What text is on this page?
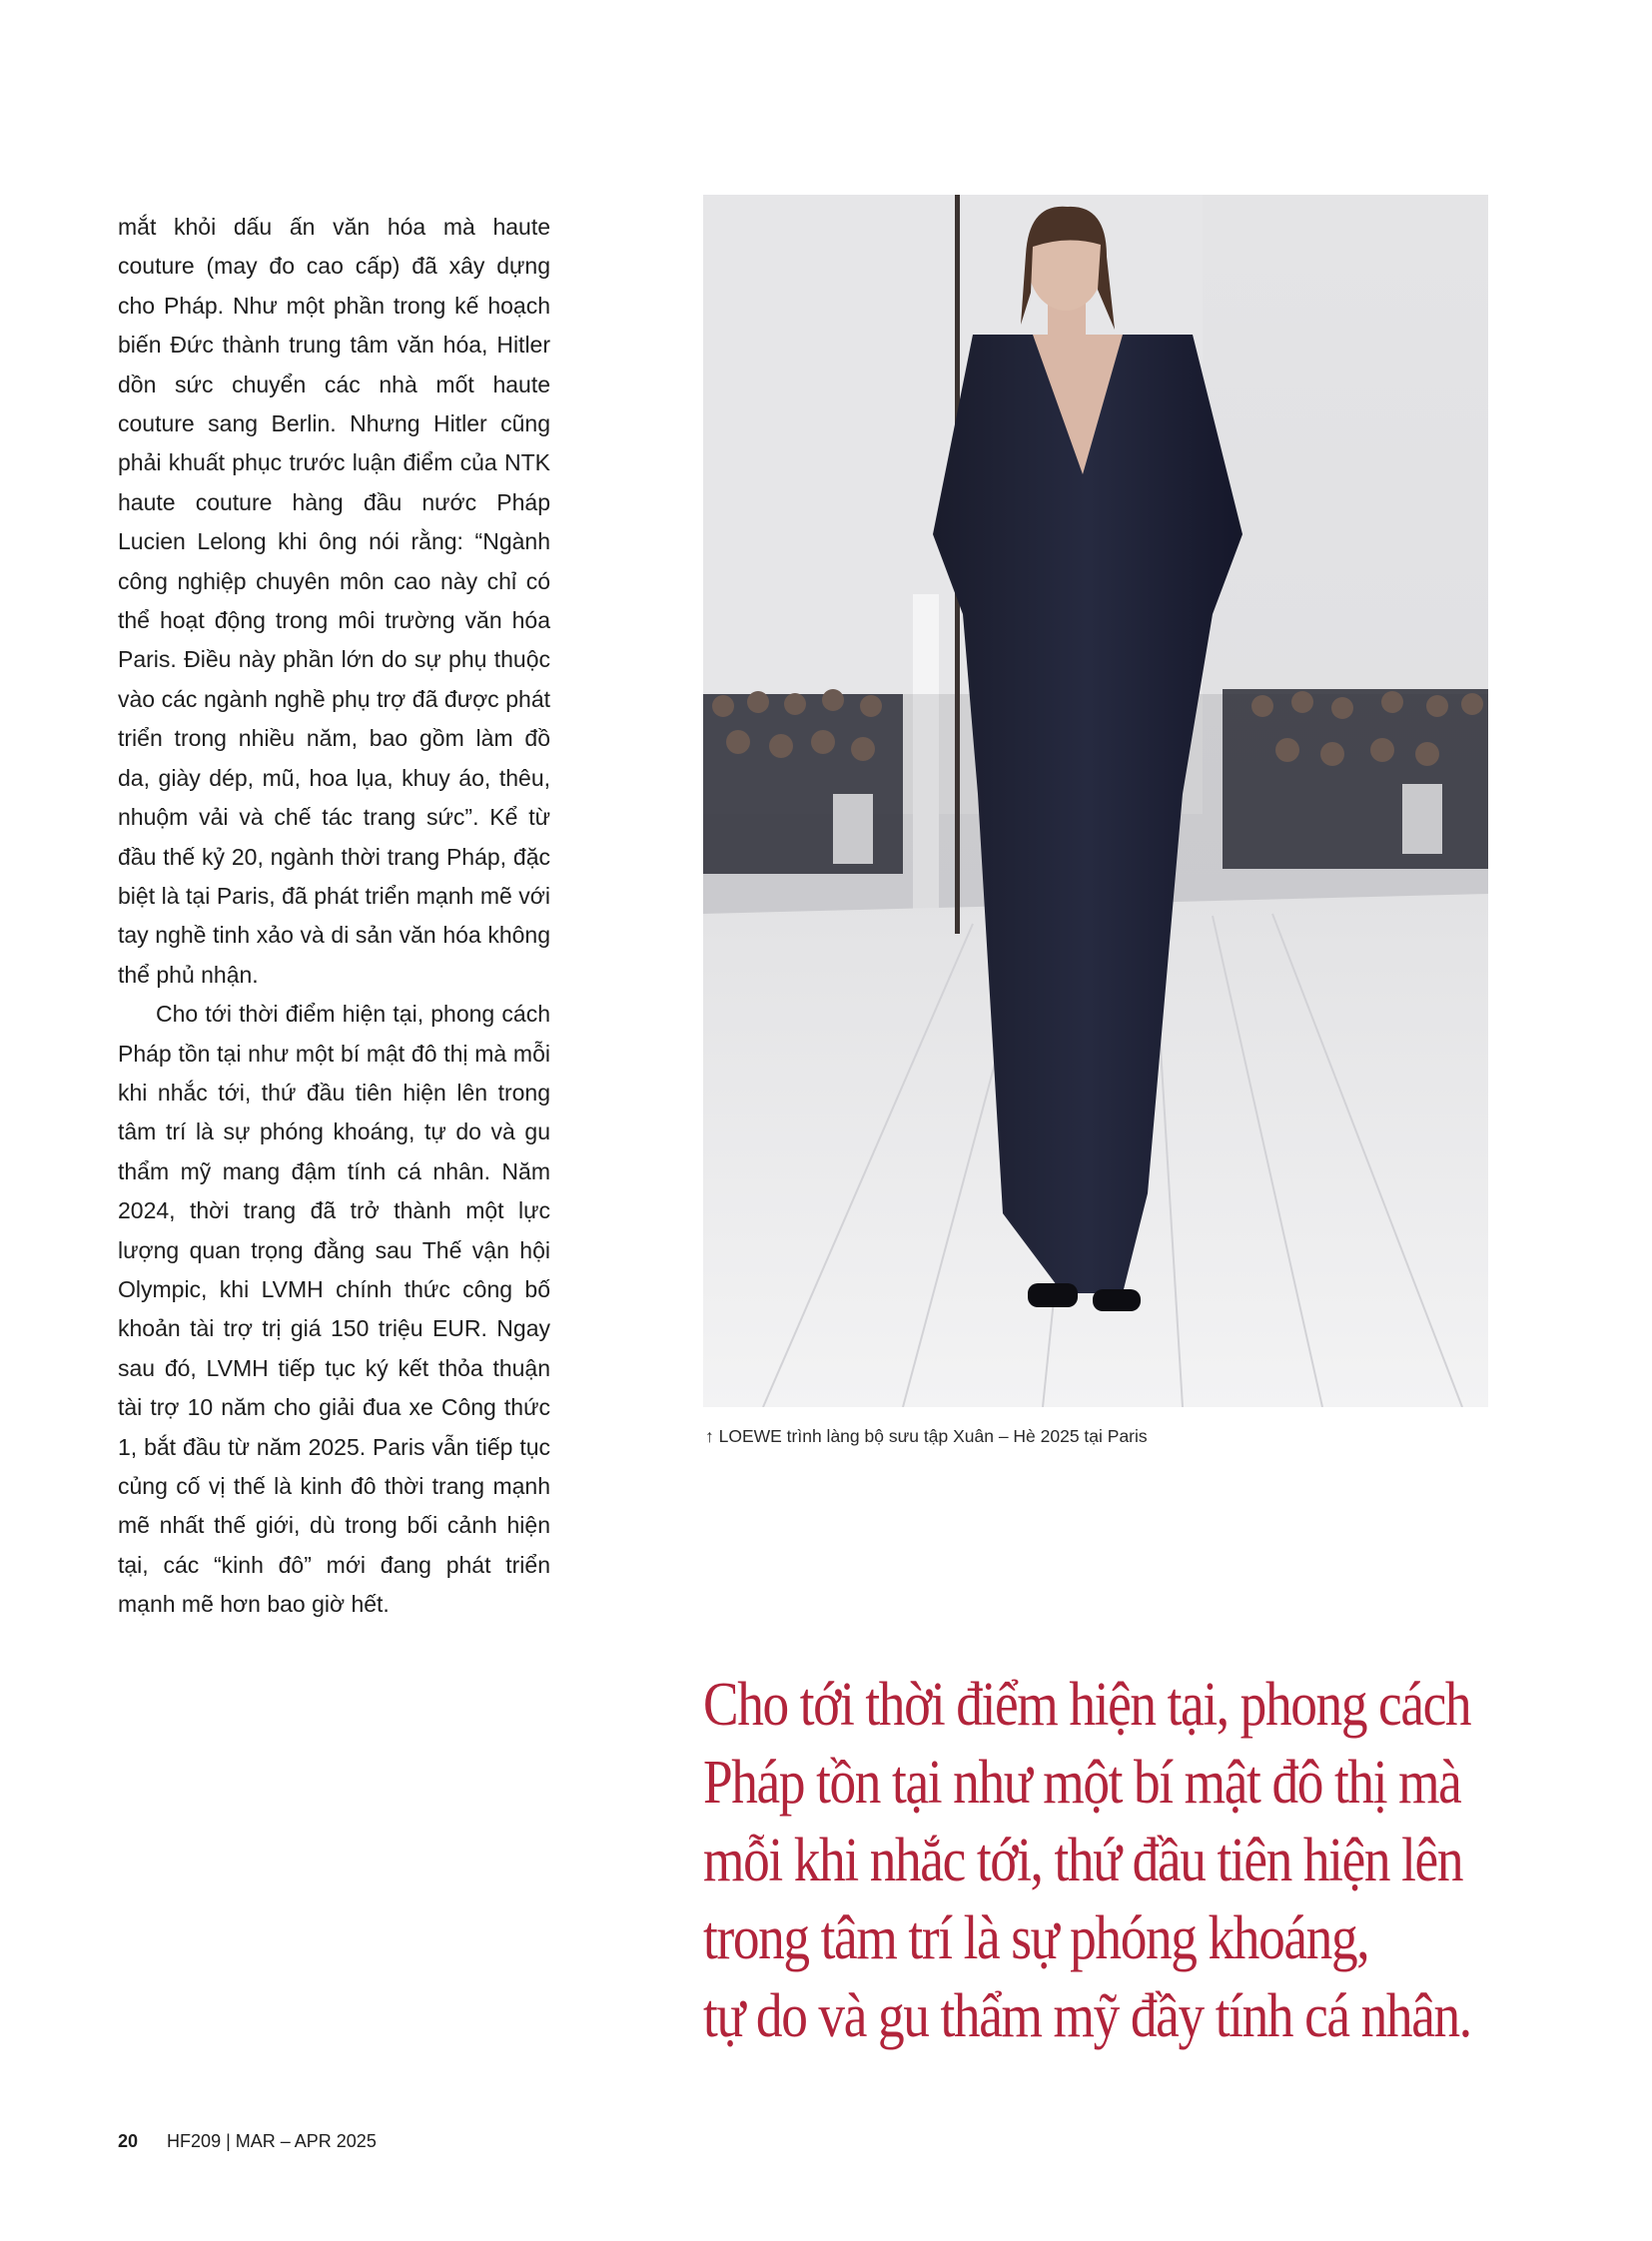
mắt khỏi dấu ấn văn hóa mà haute couture (may đo cao cấp) đã xây dựng cho Pháp. Như một phần trong kế hoạch biến Đức thành trung tâm văn hóa, Hitler dồn sức chuyển các nhà mốt haute couture sang Berlin. Nhưng Hitler cũng phải khuất phục trước luận điểm của NTK haute couture hàng đầu nước Pháp Lucien Lelong khi ông nói rằng: “Ngành công nghiệp chuyên môn cao này chỉ có thể hoạt động trong môi trường văn hóa Paris. Điều này phần lớn do sự phụ thuộc vào các ngành nghề phụ trợ đã được phát triển trong nhiều năm, bao gồm làm đồ da, giày dép, mũ, hoa lụa, khuy áo, thêu, nhuộm vải và chế tác trang sức”. Kể từ đầu thế kỷ 20, ngành thời trang Pháp, đặc biệt là tại Paris, đã phát triển mạnh mẽ với tay nghề tinh xảo và di sản văn hóa không thể phủ nhận.

Cho tới thời điểm hiện tại, phong cách Pháp tồn tại như một bí mật đô thị mà mỗi khi nhắc tới, thứ đầu tiên hiện lên trong tâm trí là sự phóng khoáng, tự do và gu thẩm mỹ mang đậm tính cá nhân. Năm 2024, thời trang đã trở thành một lực lượng quan trọng đằng sau Thế vận hội Olympic, khi LVMH chính thức công bố khoản tài trợ trị giá 150 triệu EUR. Ngay sau đó, LVMH tiếp tục ký kết thỏa thuận tài trợ 10 năm cho giải đua xe Công thức 1, bắt đầu từ năm 2025. Paris vẫn tiếp tục củng cố vị thế là kinh đô thời trang mạnh mẽ nhất thế giới, dù trong bối cảnh hiện tại, các “kinh đô” mới đang phát triển mạnh mẽ hơn bao giờ hết.

↑ LOEWE trình làng bộ sưu tập Xuân – Hè 2025 tại Paris
Cho tới thời điểm hiện tại, phong cách
Pháp tồn tại như một bí mật đô thị mà
mỗi khi nhắc tới, thứ đầu tiên hiện lên
trong tâm trí là sự phóng khoáng,
tự do và gu thẩm mỹ đầy tính cá nhân.
20 HF209 | MAR – APR 2025
